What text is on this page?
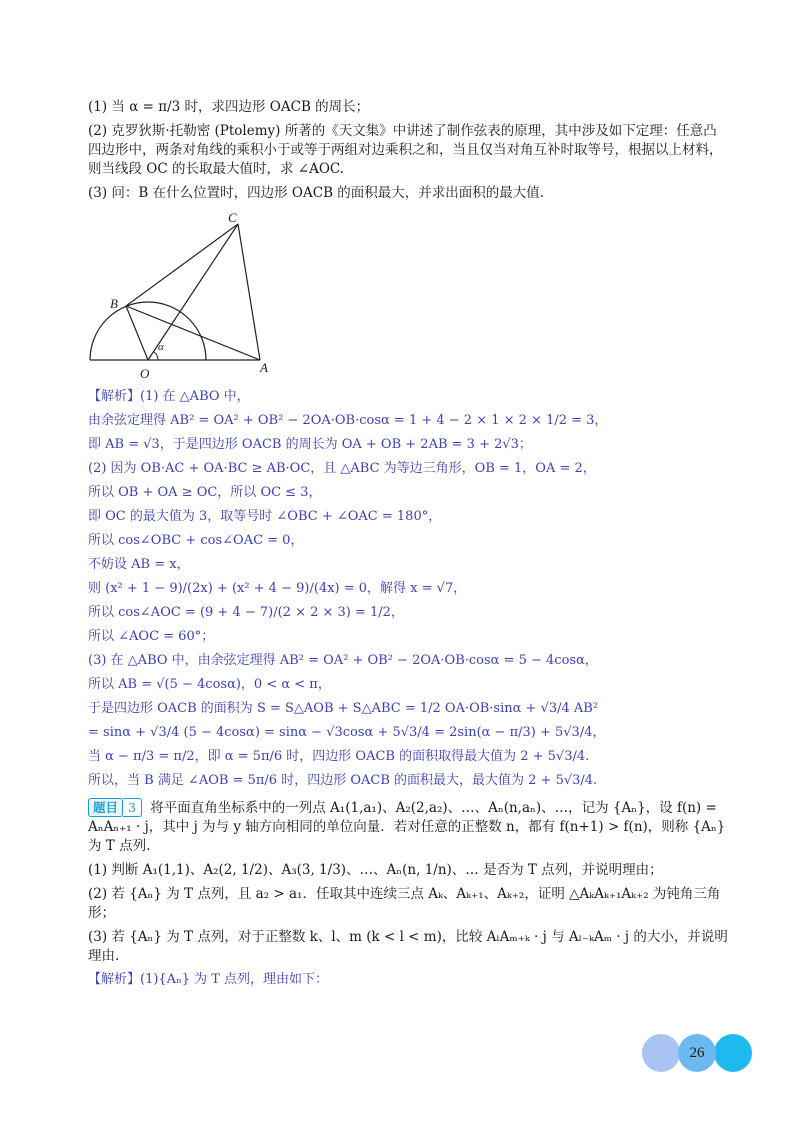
(1) 当 α = π/3 时，求四边形 OACB 的周长；

(2) 克罗狄斯·托勒密 (Ptolemy) 所著的《天文集》中讲述了制作弦表的原理，其中涉及如下定理：任意凸四边形中，两条对角线的乘积小于或等于两组对边乘积之和，当且仅当对角互补时取等号，根据以上材料，则当线段 OC 的长取最大值时，求 ∠AOC.

(3) 问：B 在什么位置时，四边形 OACB 的面积最大，并求出面积的最大值.

C
B
O	A
α

【解析】(1) 在 △ABO 中，

由余弦定理得 AB² = OA² + OB² − 2OA·OB·cosα = 1 + 4 − 2 × 1 × 2 × 1/2 = 3，

即 AB = √3，于是四边形 OACB 的周长为 OA + OB + 2AB = 3 + 2√3；

(2) 因为 OB·AC + OA·BC ≥ AB·OC，且 △ABC 为等边三角形，OB = 1，OA = 2，

所以 OB + OA ≥ OC，所以 OC ≤ 3，

即 OC 的最大值为 3，取等号时 ∠OBC + ∠OAC = 180°，

所以 cos∠OBC + cos∠OAC = 0，

不妨设 AB = x，

则 (x² + 1 − 9)/(2x) + (x² + 4 − 9)/(4x) = 0，解得 x = √7，

所以 cos∠AOC = (9 + 4 − 7)/(2 × 2 × 3) = 1/2，

所以 ∠AOC = 60°；

(3) 在 △ABO 中，由余弦定理得 AB² = OA² + OB² − 2OA·OB·cosα = 5 − 4cosα，

所以 AB = √(5 − 4cosα)，0 < α < π，

于是四边形 OACB 的面积为 S = S△AOB + S△ABC = 1/2 OA·OB·sinα + √3/4 AB²

= sinα + √3/4 (5 − 4cosα) = sinα − √3cosα + 5√3/4 = 2sin(α − π/3) + 5√3/4，

当 α − π/3 = π/2，即 α = 5π/6 时，四边形 OACB 的面积取得最大值为 2 + 5√3/4.

所以，当 B 满足 ∠AOB = 5π/6 时，四边形 OACB 的面积最大，最大值为 2 + 5√3/4.

题目 3 将平面直角坐标系中的一列点 A₁(1,a₁)、A₂(2,a₂)、…、Aₙ(n,aₙ)、…，记为 {Aₙ}，设 f(n) = AₙAₙ₊₁ · j，其中 j 为与 y 轴方向相同的单位向量．若对任意的正整数 n，都有 f(n+1) > f(n)，则称 {Aₙ} 为 T 点列.

(1) 判断 A₁(1,1)、A₂(2, 1/2)、A₃(3, 1/3)、…、Aₙ(n, 1/n)、… 是否为 T 点列，并说明理由；

(2) 若 {Aₙ} 为 T 点列，且 a₂ > a₁．任取其中连续三点 Aₖ、Aₖ₊₁、Aₖ₊₂，证明 △AₖAₖ₊₁Aₖ₊₂ 为钝角三角形；

(3) 若 {Aₙ} 为 T 点列，对于正整数 k、l、m (k < l < m)，比较 AₗAₘ₊ₖ · j 与 Aₗ₋ₖAₘ · j 的大小，并说明理由.

【解析】(1){Aₙ} 为 T 点列，理由如下：

26
